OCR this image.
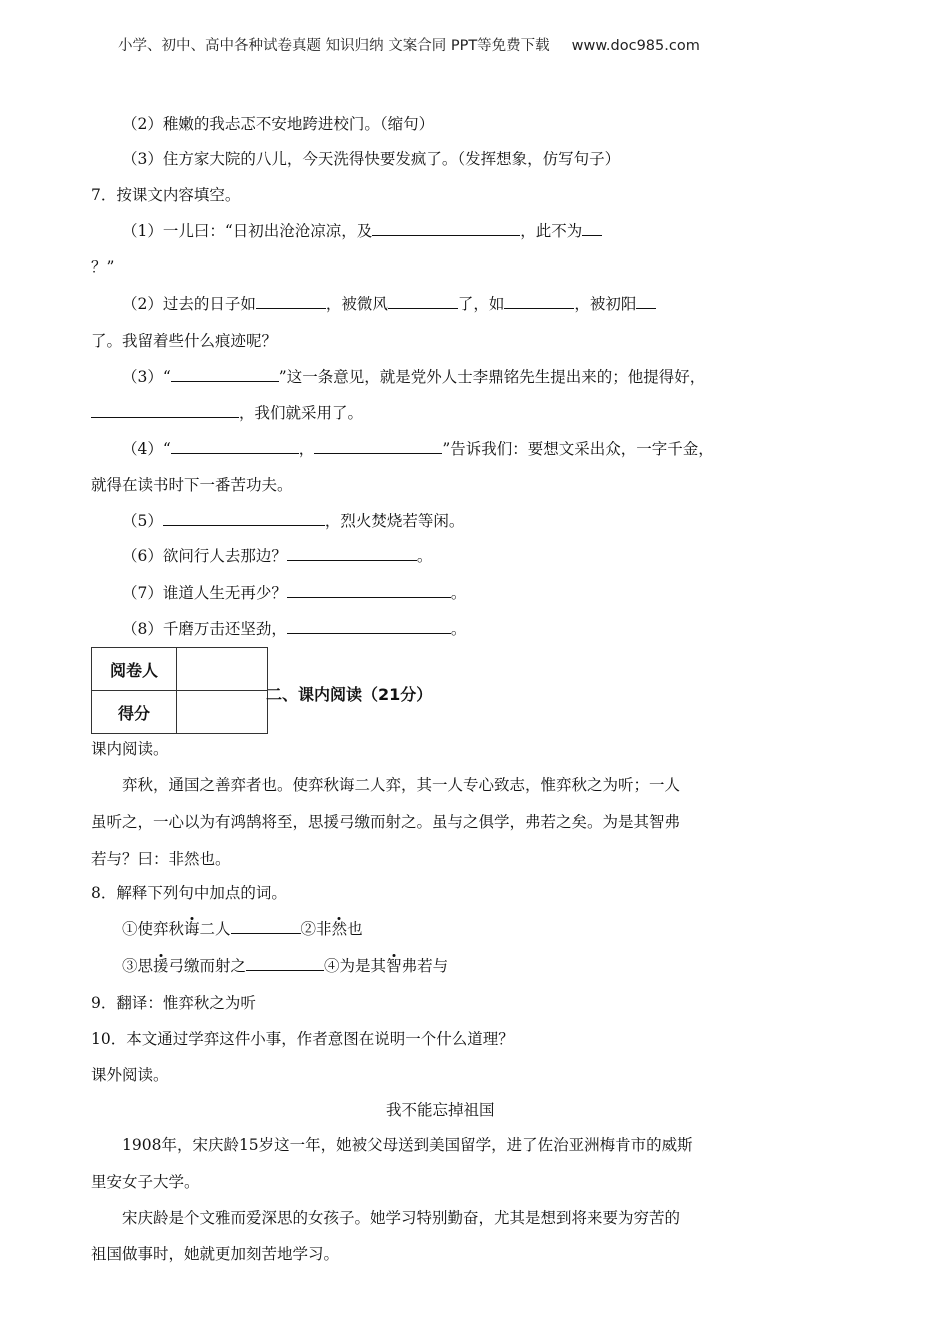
小学、初中、高中各种试卷真题 知识归纳 文案合同 PPT等免费下载 www.doc985.com
（2）稚嫩的我忐忑不安地跨进校门。（缩句）
（3）住方家大院的八儿，今天洗得快要发疯了。（发挥想象，仿写句子）
7．按课文内容填空。
（1）一儿曰：“日初出沧沧凉凉，及	，此不为
？”
（2）过去的日子如	，被微风	了，如	，被初阳
了。我留着些什么痕迹呢？
（3）“	”这一条意见，就是党外人士李鼎铭先生提出来的；他提得好，
，我们就采用了。
（4）“	，	”告诉我们：要想文采出众，一字千金，
就得在读书时下一番苦功夫。
（5）	，烈火焚烧若等闲。
（6）欲问行人去那边？	。
（7）谁道人生无再少？	。
（8）千磨万击还坚劲，	。
阅卷人	
得分	
二、课内阅读（21分）
课内阅读。
弈秋，通国之善弈者也。使弈秋诲二人弈，其一人专心致志，惟弈秋之为听；一人
虽听之，一心以为有鸿鹄将至，思援弓缴而射之。虽与之俱学，弗若之矣。为是其智弗
若与？曰：非然也。
8．解释下列句中加点的词。
①使弈秋诲二人	②非然也
③思援弓缴而射之	④为是其智弗若与
9．翻译：惟弈秋之为听
10．本文通过学弈这件小事，作者意图在说明一个什么道理？
课外阅读。
我不能忘掉祖国
1908年，宋庆龄15岁这一年，她被父母送到美国留学，进了佐治亚洲梅肯市的威斯
里安女子大学。
宋庆龄是个文雅而爱深思的女孩子。她学习特别勤奋，尤其是想到将来要为穷苦的
祖国做事时，她就更加刻苦地学习。
